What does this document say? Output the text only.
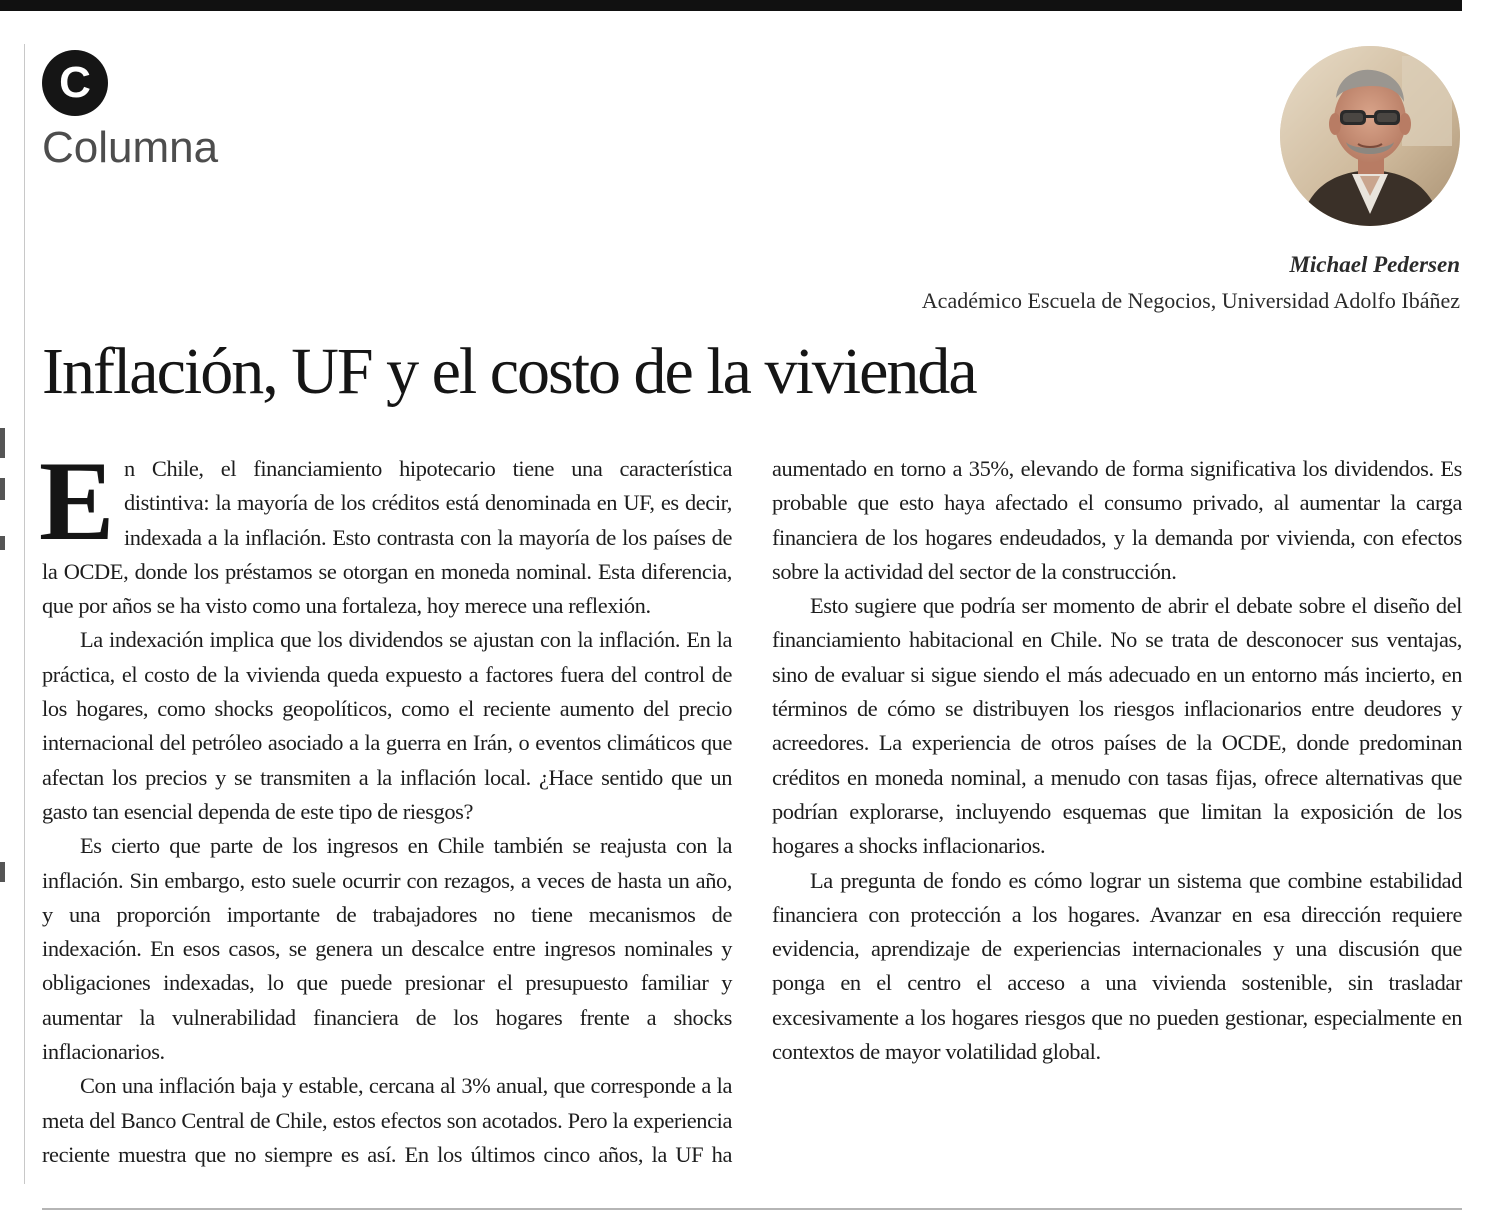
C
Columna
Michael Pedersen
Académico Escuela de Negocios, Universidad Adolfo Ibáñez
Inflación, UF y el costo de la vivienda

En Chile, el financiamiento hipotecario tiene una característica distintiva: la mayoría de los créditos está denominada en UF, es decir, indexada a la inflación. Esto contrasta con la mayoría de los países de la OCDE, donde los préstamos se otorgan en moneda nominal. Esta diferencia, que por años se ha visto como una fortaleza, hoy merece una reflexión.

La indexación implica que los dividendos se ajustan con la inflación. En la práctica, el costo de la vivienda queda expuesto a factores fuera del control de los hogares, como shocks geopolíticos, como el reciente aumento del precio internacional del petróleo asociado a la guerra en Irán, o eventos climáticos que afectan los precios y se transmiten a la inflación local. ¿Hace sentido que un gasto tan esencial dependa de este tipo de riesgos?

Es cierto que parte de los ingresos en Chile también se reajusta con la inflación. Sin embargo, esto suele ocurrir con rezagos, a veces de hasta un año, y una proporción importante de trabajadores no tiene mecanismos de indexación. En esos casos, se genera un descalce entre ingresos nominales y obligaciones indexadas, lo que puede presionar el presupuesto familiar y aumentar la vulnerabilidad financiera de los hogares frente a shocks inflacionarios.

Con una inflación baja y estable, cercana al 3% anual, que corresponde a la meta del Banco Central de Chile, estos efectos son acotados. Pero la experiencia reciente muestra que no siempre es así. En los últimos cinco años, la UF ha

aumentado en torno a 35%, elevando de forma significativa los dividendos. Es probable que esto haya afectado el consumo privado, al aumentar la carga financiera de los hogares endeudados, y la demanda por vivienda, con efectos sobre la actividad del sector de la construcción.

Esto sugiere que podría ser momento de abrir el debate sobre el diseño del financiamiento habitacional en Chile. No se trata de desconocer sus ventajas, sino de evaluar si sigue siendo el más adecuado en un entorno más incierto, en términos de cómo se distribuyen los riesgos inflacionarios entre deudores y acreedores. La experiencia de otros países de la OCDE, donde predominan créditos en moneda nominal, a menudo con tasas fijas, ofrece alternativas que podrían explorarse, incluyendo esquemas que limitan la exposición de los hogares a shocks inflacionarios.

La pregunta de fondo es cómo lograr un sistema que combine estabilidad financiera con protección a los hogares. Avanzar en esa dirección requiere evidencia, aprendizaje de experiencias internacionales y una discusión que ponga en el centro el acceso a una vivienda sostenible, sin trasladar excesivamente a los hogares riesgos que no pueden gestionar, especialmente en contextos de mayor volatilidad global.
